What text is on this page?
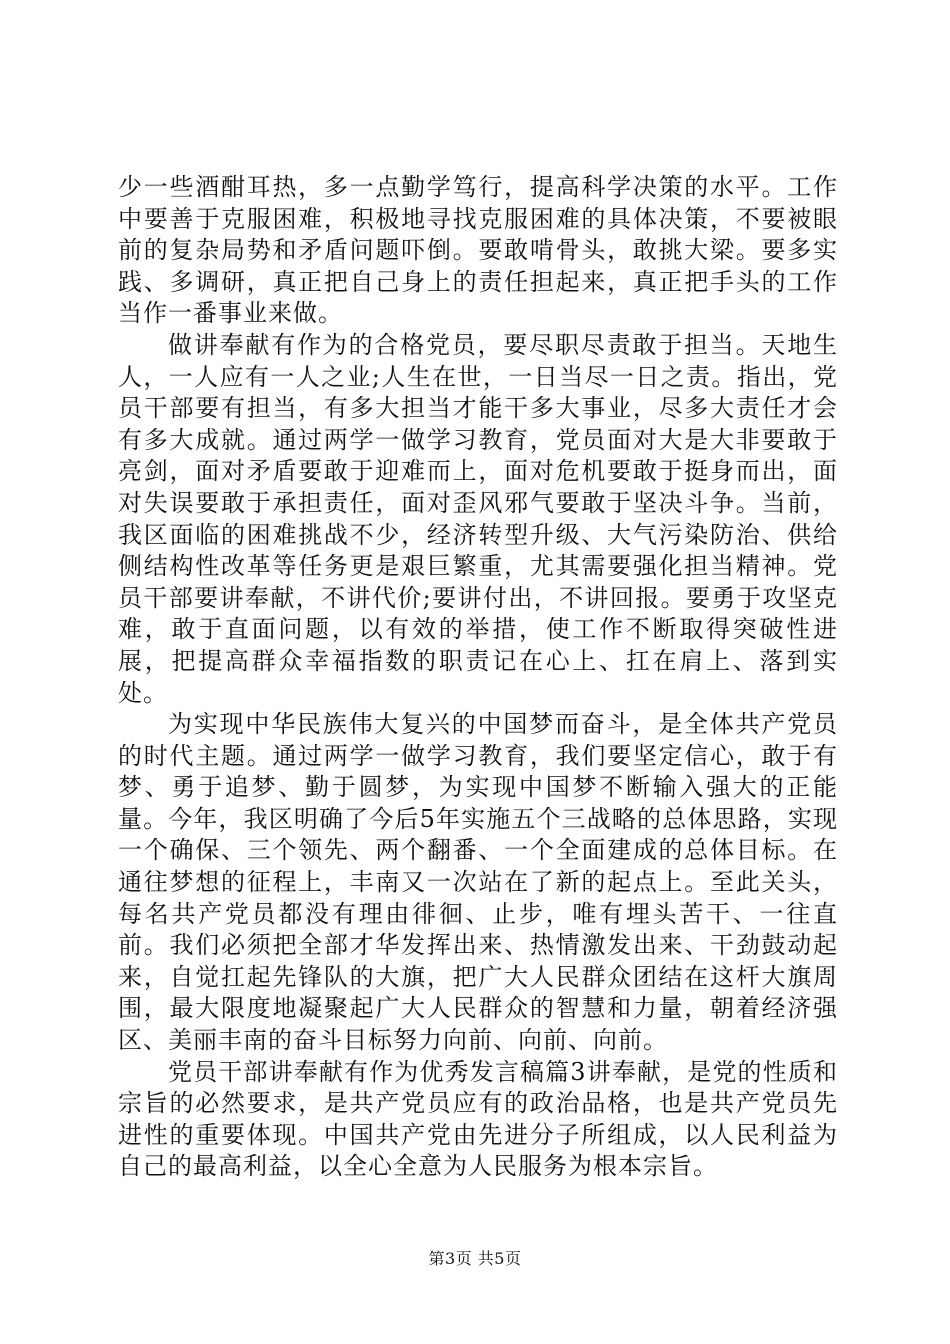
少一些酒酣耳热，多一点勤学笃行，提高科学决策的水平。工作中要善于克服困难，积极地寻找克服困难的具体决策，不要被眼前的复杂局势和矛盾问题吓倒。要敢啃骨头，敢挑大梁。要多实践、多调研，真正把自己身上的责任担起来，真正把手头的工作当作一番事业来做。

做讲奉献有作为的合格党员，要尽职尽责敢于担当。天地生人，一人应有一人之业;人生在世，一日当尽一日之责。指出，党员干部要有担当，有多大担当才能干多大事业，尽多大责任才会有多大成就。通过两学一做学习教育，党员面对大是大非要敢于亮剑，面对矛盾要敢于迎难而上，面对危机要敢于挺身而出，面对失误要敢于承担责任，面对歪风邪气要敢于坚决斗争。当前，我区面临的困难挑战不少，经济转型升级、大气污染防治、供给侧结构性改革等任务更是艰巨繁重，尤其需要强化担当精神。党员干部要讲奉献，不讲代价;要讲付出，不讲回报。要勇于攻坚克难，敢于直面问题，以有效的举措，使工作不断取得突破性进展，把提高群众幸福指数的职责记在心上、扛在肩上、落到实处。

为实现中华民族伟大复兴的中国梦而奋斗，是全体共产党员的时代主题。通过两学一做学习教育，我们要坚定信心，敢于有梦、勇于追梦、勤于圆梦，为实现中国梦不断输入强大的正能量。今年，我区明确了今后5年实施五个三战略的总体思路，实现一个确保、三个领先、两个翻番、一个全面建成的总体目标。在通往梦想的征程上，丰南又一次站在了新的起点上。至此关头，每名共产党员都没有理由徘徊、止步，唯有埋头苦干、一往直前。我们必须把全部才华发挥出来、热情激发出来、干劲鼓动起来，自觉扛起先锋队的大旗，把广大人民群众团结在这杆大旗周围，最大限度地凝聚起广大人民群众的智慧和力量，朝着经济强区、美丽丰南的奋斗目标努力向前、向前、向前。

党员干部讲奉献有作为优秀发言稿篇3讲奉献，是党的性质和宗旨的必然要求，是共产党员应有的政治品格，也是共产党员先进性的重要体现。中国共产党由先进分子所组成，以人民利益为自己的最高利益，以全心全意为人民服务为根本宗旨。

第3页 共5页
